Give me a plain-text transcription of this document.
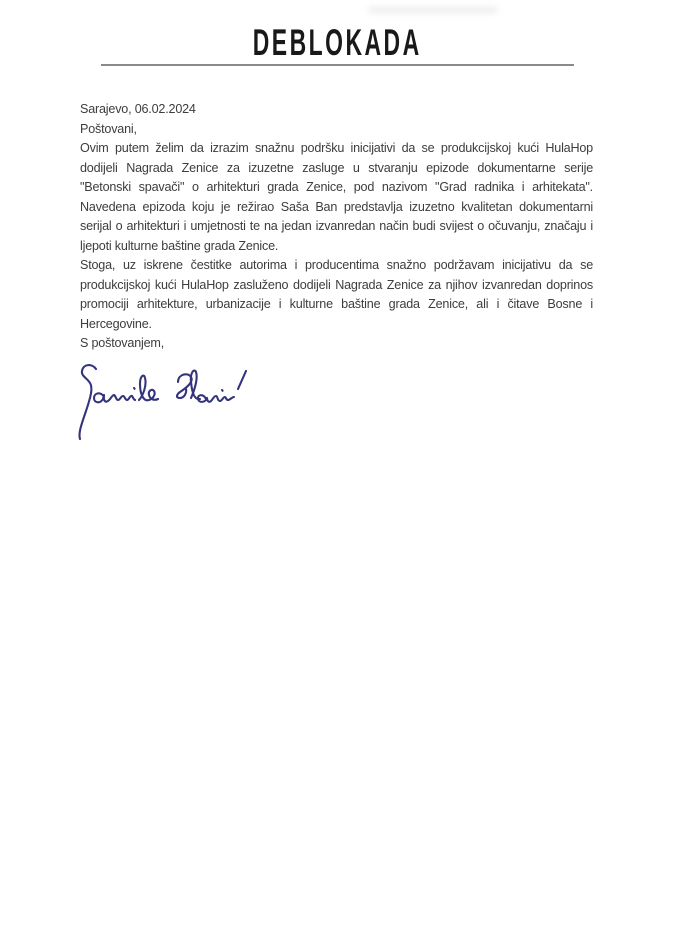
DEBLOKADA

Sarajevo, 06.02.2024

Poštovani,

Ovim putem želim da izrazim snažnu podršku inicijativi da se produkcijskoj kući HulaHop dodijeli Nagrada Zenice za izuzetne zasluge u stvaranju epizode dokumentarne serije "Betonski spavači" o arhitekturi grada Zenice, pod nazivom "Grad radnika i arhitekata". Navedena epizoda koju je režirao Saša Ban predstavlja izuzetno kvalitetan dokumentarni serijal o arhitekturi i umjetnosti te na jedan izvanredan način budi svijest o očuvanju, značaju i ljepoti kulturne baštine grada Zenice.

Stoga, uz iskrene čestitke autorima i producentima snažno podržavam inicijativu da se produkcijskoj kući HulaHop zasluženo dodijeli Nagrada Zenice za njihov izvanredan doprinos promociji arhitekture, urbanizacije i kulturne baštine grada Zenice, ali i čitave Bosne i Hercegovine.

S poštovanjem,
